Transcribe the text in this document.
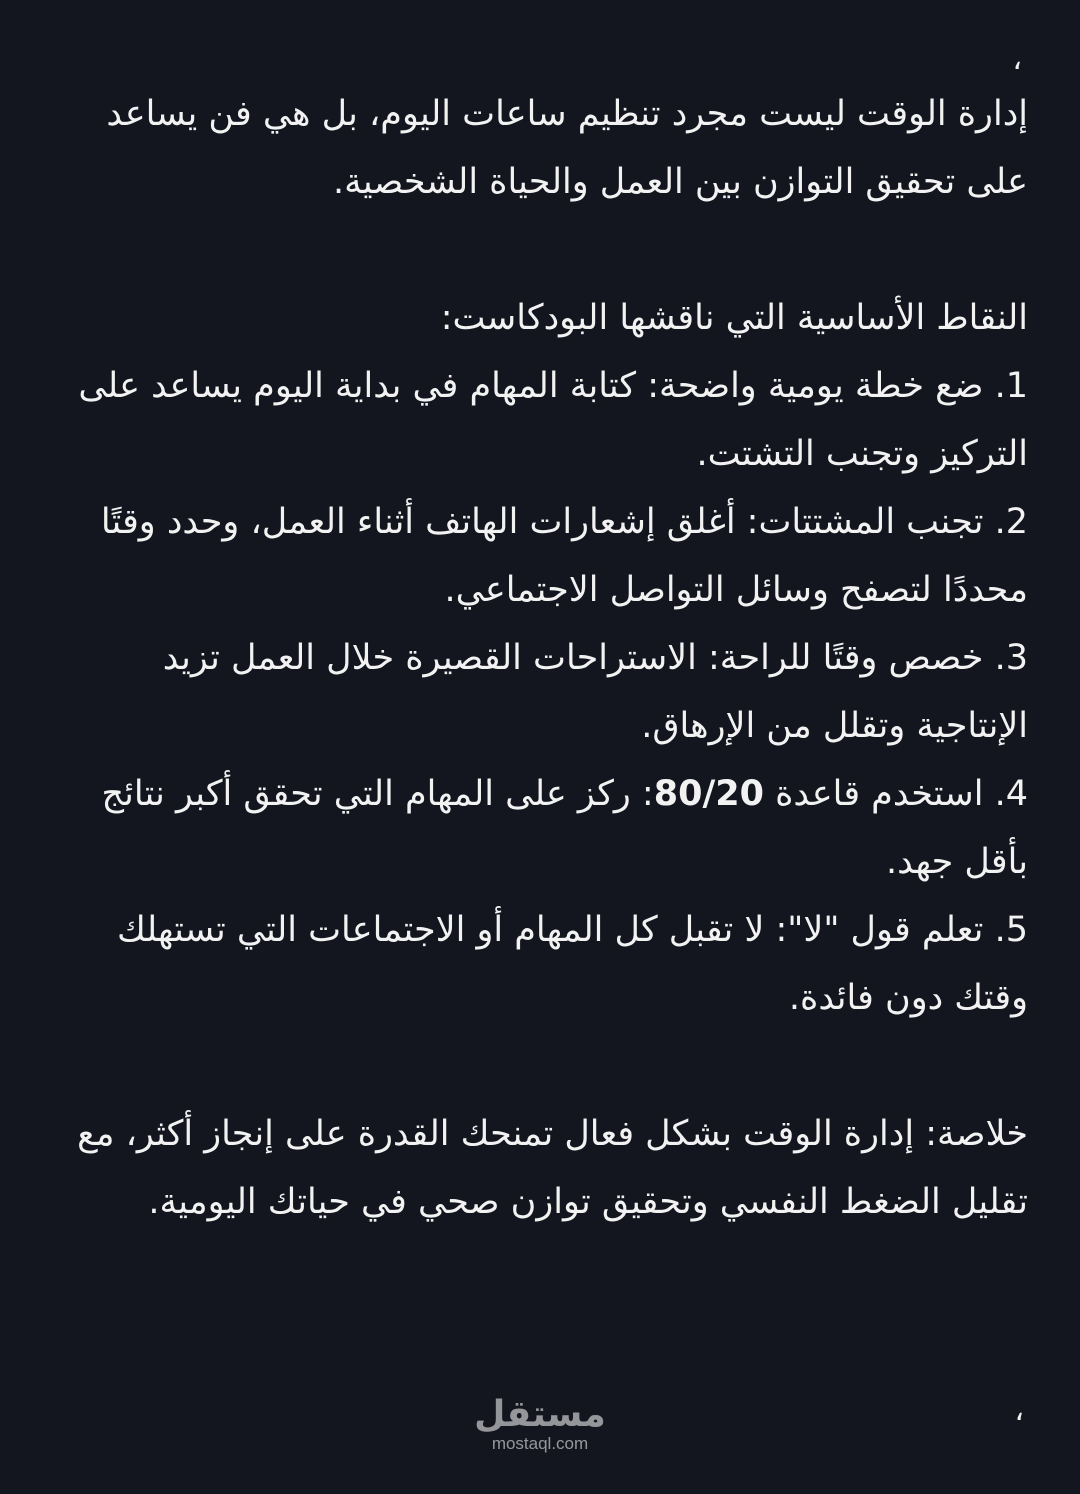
،

إدارة الوقت ليست مجرد تنظيم ساعات اليوم، بل هي فن يساعد على تحقيق التوازن بين العمل والحياة الشخصية.

النقاط الأساسية التي ناقشها البودكاست:

1. ضع خطة يومية واضحة: كتابة المهام في بداية اليوم يساعد على التركيز وتجنب التشتت.

2. تجنب المشتتات: أغلق إشعارات الهاتف أثناء العمل، وحدد وقتًا محددًا لتصفح وسائل التواصل الاجتماعي.

3. خصص وقتًا للراحة: الاستراحات القصيرة خلال العمل تزيد الإنتاجية وتقلل من الإرهاق.

4. استخدم قاعدة 80/20: ركز على المهام التي تحقق أكبر نتائج بأقل جهد.

5. تعلم قول "لا": لا تقبل كل المهام أو الاجتماعات التي تستهلك وقتك دون فائدة.

خلاصة: إدارة الوقت بشكل فعال تمنحك القدرة على إنجاز أكثر، مع تقليل الضغط النفسي وتحقيق توازن صحي في حياتك اليومية.

،
مستقل
mostaql.com
